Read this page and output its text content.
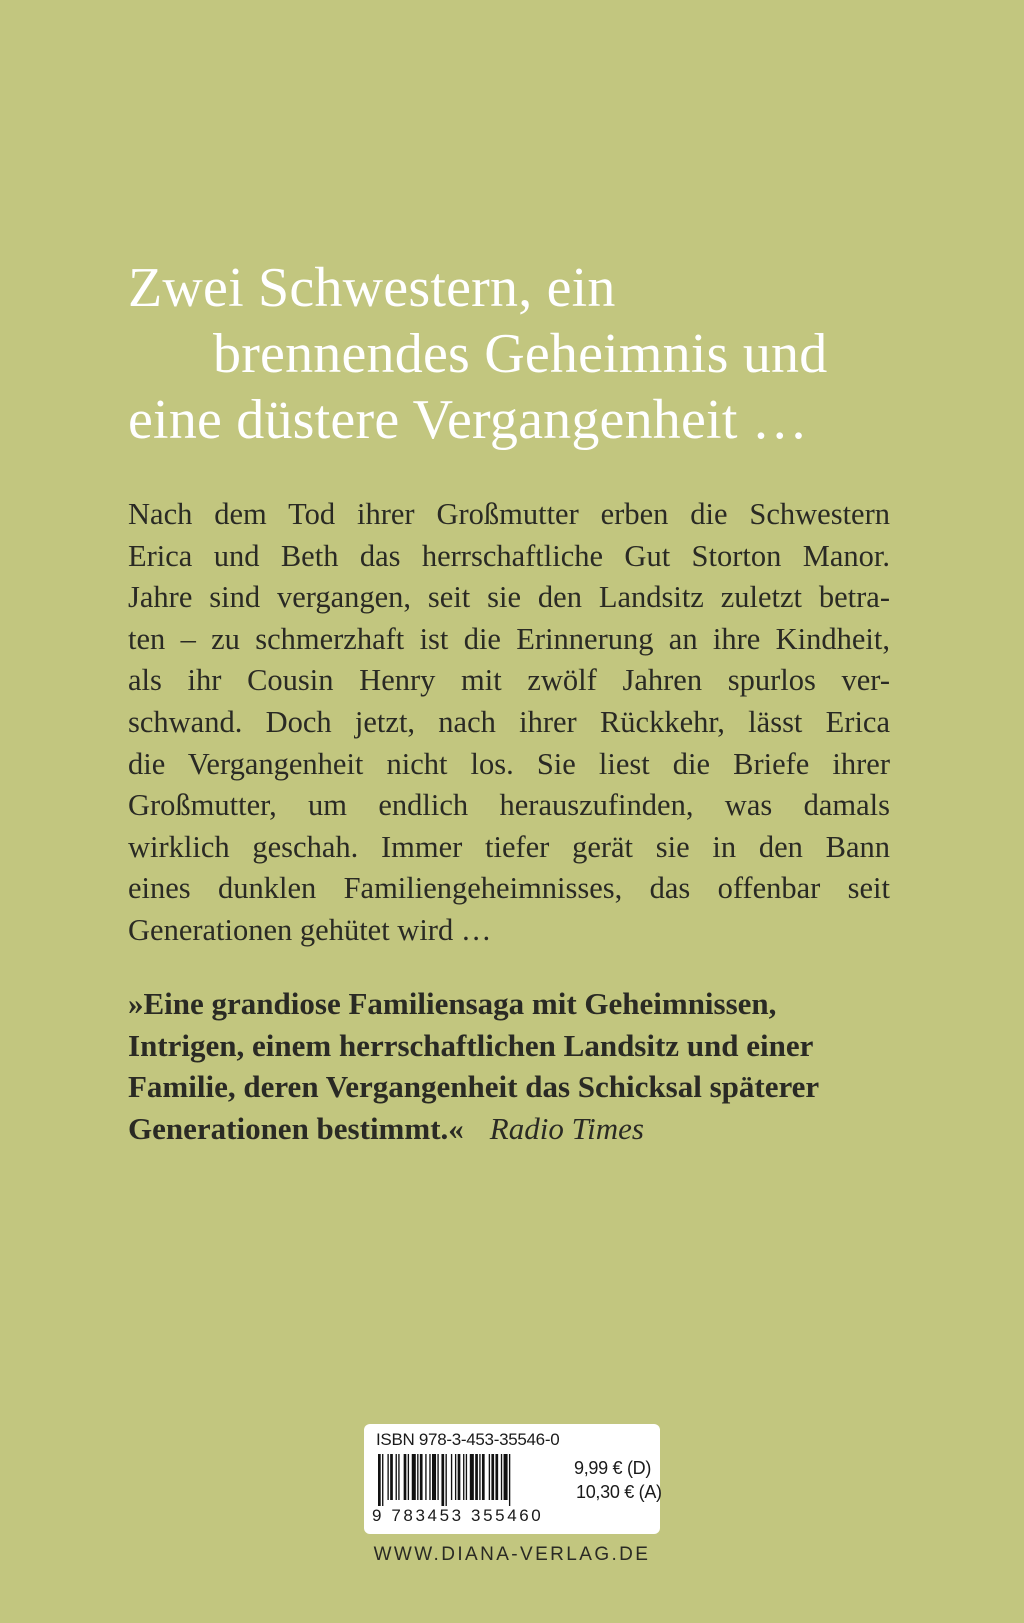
Zwei Schwestern, ein
brennendes Geheimnis und
eine düstere Vergangenheit …
Nach dem Tod ihrer Großmutter erben die Schwestern
Erica und Beth das herrschaftliche Gut Storton Manor.
Jahre sind vergangen, seit sie den Landsitz zuletzt betra-
ten – zu schmerzhaft ist die Erinnerung an ihre Kindheit,
als ihr Cousin Henry mit zwölf Jahren spurlos ver-
schwand. Doch jetzt, nach ihrer Rückkehr, lässt Erica
die Vergangenheit nicht los. Sie liest die Briefe ihrer
Großmutter, um endlich herauszufinden, was damals
wirklich geschah. Immer tiefer gerät sie in den Bann
eines dunklen Familiengeheimnisses, das offenbar seit
Generationen gehütet wird …
»Eine grandiose Familiensaga mit Geheimnissen,
Intrigen, einem herrschaftlichen Landsitz und einer
Familie, deren Vergangenheit das Schicksal späterer
Generationen bestimmt.« Radio Times
ISBN 978-3-453-35546-0
9,99 € (D)
10,30 € (A)
9 783453 355460
WWW.DIANA-VERLAG.DE
